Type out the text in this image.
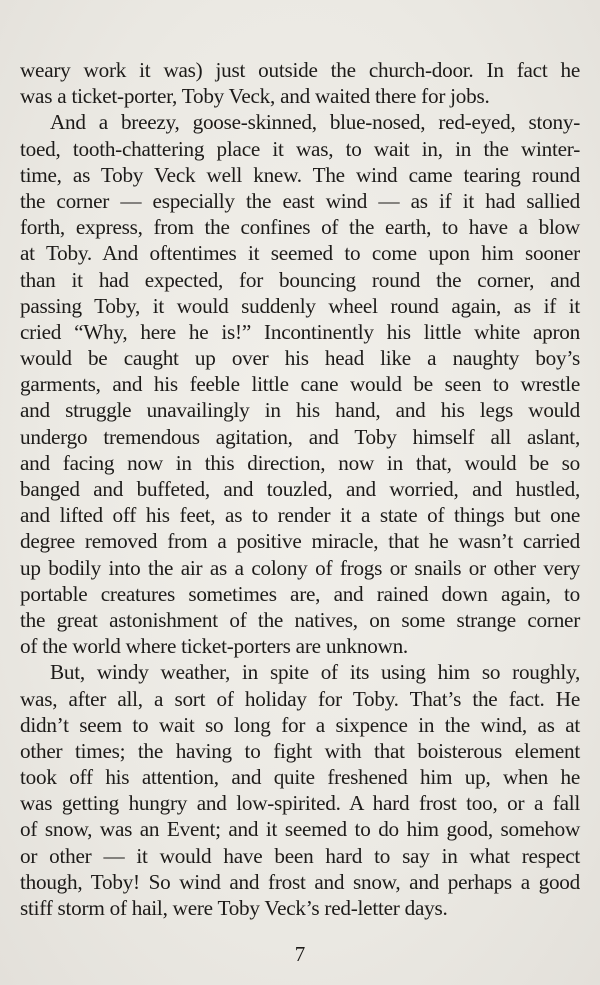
weary work it was) just outside the church-door. In fact he
was a ticket-porter, Toby Veck, and waited there for jobs.
And a breezy, goose-skinned, blue-nosed, red-eyed, stony-
toed, tooth-chattering place it was, to wait in, in the winter-
time, as Toby Veck well knew. The wind came tearing round
the corner — especially the east wind — as if it had sallied
forth, express, from the confines of the earth, to have a blow
at Toby. And oftentimes it seemed to come upon him sooner
than it had expected, for bouncing round the corner, and
passing Toby, it would suddenly wheel round again, as if it
cried “Why, here he is!” Incontinently his little white apron
would be caught up over his head like a naughty boy’s
garments, and his feeble little cane would be seen to wrestle
and struggle unavailingly in his hand, and his legs would
undergo tremendous agitation, and Toby himself all aslant,
and facing now in this direction, now in that, would be so
banged and buffeted, and touzled, and worried, and hustled,
and lifted off his feet, as to render it a state of things but one
degree removed from a positive miracle, that he wasn’t carried
up bodily into the air as a colony of frogs or snails or other very
portable creatures sometimes are, and rained down again, to
the great astonishment of the natives, on some strange corner
of the world where ticket-porters are unknown.
But, windy weather, in spite of its using him so roughly,
was, after all, a sort of holiday for Toby. That’s the fact. He
didn’t seem to wait so long for a sixpence in the wind, as at
other times; the having to fight with that boisterous element
took off his attention, and quite freshened him up, when he
was getting hungry and low-spirited. A hard frost too, or a fall
of snow, was an Event; and it seemed to do him good, somehow
or other — it would have been hard to say in what respect
though, Toby! So wind and frost and snow, and perhaps a good
stiff storm of hail, were Toby Veck’s red-letter days.
7
